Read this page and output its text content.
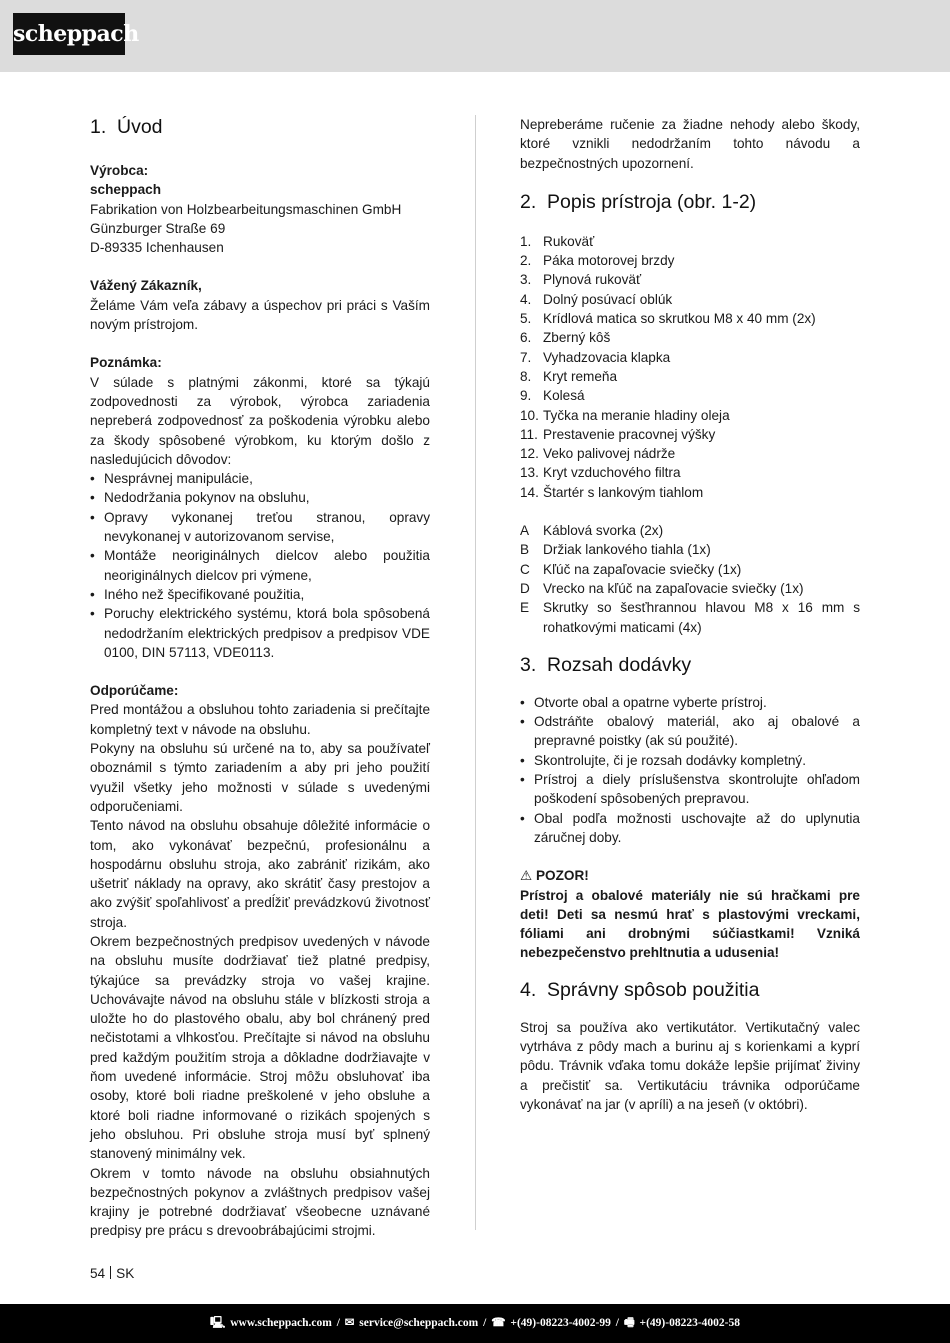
scheppach
1. Úvod
Výrobca:
scheppach
Fabrikation von Holzbearbeitungsmaschinen GmbH
Günzburger Straße 69
D-89335 Ichenhausen
Vážený Zákazník,
Želáme Vám veľa zábavy a úspechov pri práci s Vaším novým prístrojom.
Poznámka:
V súlade s platnými zákonmi, ktoré sa týkajú zodpovednosti za výrobok, výrobca zariadenia nepreberá zodpovednosť za poškodenia výrobku alebo za škody spôsobené výrobkom, ku ktorým došlo z nasledujúcich dôvodov:
• Nesprávnej manipulácie,
• Nedodržania pokynov na obsluhu,
• Opravy vykonanej treťou stranou, opravy nevykonanej v autorizovanom servise,
• Montáže neoriginálnych dielcov alebo použitia neoriginálnych dielcov pri výmene,
• Iného než špecifikované použitia,
• Poruchy elektrického systému, ktorá bola spôsobená nedodržaním elektrických predpisov a predpisov VDE 0100, DIN 57113, VDE0113.
Odporúčame:
Pred montážou a obsluhou tohto zariadenia si prečítajte kompletný text v návode na obsluhu.
Pokyny na obsluhu sú určené na to, aby sa používateľ oboznámil s týmto zariadením a aby pri jeho použití využil všetky jeho možnosti v súlade s uvedenými odporučeniami.
Tento návod na obsluhu obsahuje dôležité informácie o tom, ako vykonávať bezpečnú, profesionálnu a hospodárnu obsluhu stroja, ako zabrániť rizikám, ako ušetriť náklady na opravy, ako skrátiť časy prestojov a ako zvýšiť spoľahlivosť a predĺžiť prevádzkovú životnosť stroja.
Okrem bezpečnostných predpisov uvedených v návode na obsluhu musíte dodržiavať tiež platné predpisy, týkajúce sa prevádzky stroja vo vašej krajine. Uchovávajte návod na obsluhu stále v blízkosti stroja a uložte ho do plastového obalu, aby bol chránený pred nečistotami a vlhkosťou. Prečítajte si návod na obsluhu pred každým použitím stroja a dôkladne dodržiavajte v ňom uvedené informácie. Stroj môžu obsluhovať iba osoby, ktoré boli riadne preškolené v jeho obsluhe a ktoré boli riadne informované o rizikách spojených s jeho obsluhou. Pri obsluhe stroja musí byť splnený stanovený minimálny vek.
Okrem v tomto návode na obsluhu obsiahnutých bezpečnostných pokynov a zvláštnych predpisov vašej krajiny je potrebné dodržiavať všeobecne uznávané predpisy pre prácu s drevoobrábajúcimi strojmi.
Nepreberáme ručenie za žiadne nehody alebo škody, ktoré vznikli nedodržaním tohto návodu a bezpečnostných upozornení.
2. Popis prístroja (obr. 1-2)
1. Rukoväť
2. Páka motorovej brzdy
3. Plynová rukoväť
4. Dolný posúvací oblúk
5. Krídlová matica so skrutkou M8 x 40 mm (2x)
6. Zberný kôš
7. Vyhadzovacia klapka
8. Kryt remeňa
9. Kolesá
10. Tyčka na meranie hladiny oleja
11. Prestavenie pracovnej výšky
12. Veko palivovej nádrže
13. Kryt vzduchového filtra
14. Štartér s lankovým tiahlom
A Káblová svorka (2x)
B Držiak lankového tiahla (1x)
C Kľúč na zapaľovacie sviečky (1x)
D Vrecko na kľúč na zapaľovacie sviečky (1x)
E Skrutky so šesťhrannou hlavou M8 x 16 mm s rohatkovými maticami (4x)
3. Rozsah dodávky
• Otvorte obal a opatrne vyberte prístroj.
• Odstráňte obalový materiál, ako aj obalové a prepravné poistky (ak sú použité).
• Skontrolujte, či je rozsah dodávky kompletný.
• Prístroj a diely príslušenstva skontrolujte ohľadom poškodení spôsobených prepravou.
• Obal podľa možnosti uschovajte až do uplynutia záručnej doby.
⚠ POZOR!
Prístroj a obalové materiály nie sú hračkami pre deti! Deti sa nesmú hrať s plastovými vreckami, fóliami ani drobnými súčiastkami! Vzniká nebezpečenstvo prehltnutia a udusenia!
4. Správny spôsob použitia
Stroj sa používa ako vertikutátor. Vertikutačný valec vytrháva z pôdy mach a burinu aj s korienkami a kyprí pôdu. Trávnik vďaka tomu dokáže lepšie prijímať živiny a prečistiť sa. Vertikutáciu trávnika odporúčame vykonávať na jar (v apríli) a na jeseň (v októbri).
54 SK
🖳 www.scheppach.com / ✉ service@scheppach.com / ☎ +(49)-08223-4002-99 / 🖷 +(49)-08223-4002-58
